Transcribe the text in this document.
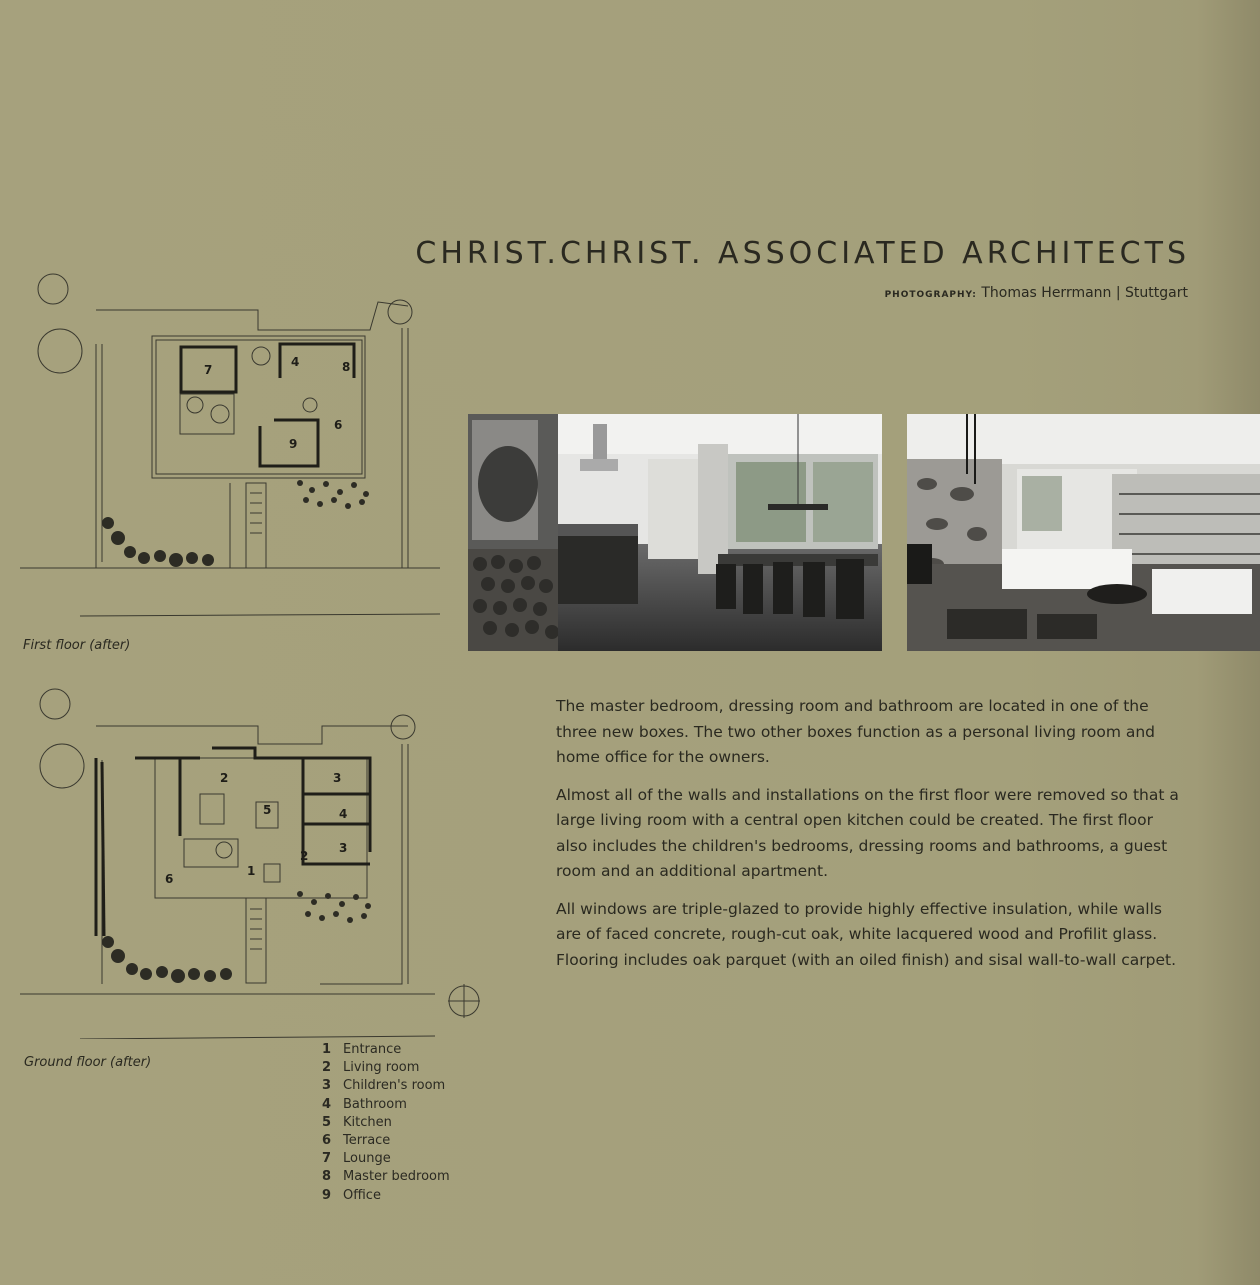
CHRIST.CHRIST. ASSOCIATED ARCHITECTS
PHOTOGRAPHY: Thomas Herrmann | Stuttgart
7
4	8
6
9
First floor (after)
2	3
5	4
3
2
1
6
Ground floor (after)

The master bedroom, dressing room and bathroom are located in one of the three new boxes. The two other boxes function as a personal living room and home office for the owners.

Almost all of the walls and installations on the first floor were removed so that a large living room with a central open kitchen could be created. The first floor also includes the children's bedrooms, dressing rooms and bathrooms, a guest room and an additional apartment.

All windows are triple-glazed to provide highly effective insulation, while walls are of faced concrete, rough-cut oak, white lacquered wood and Profilit glass. Flooring includes oak parquet (with an oiled finish) and sisal wall-to-wall carpet.

1 Entrance
2 Living room
3 Children's room
4 Bathroom
5 Kitchen
6 Terrace
7 Lounge
8 Master bedroom
9 Office
